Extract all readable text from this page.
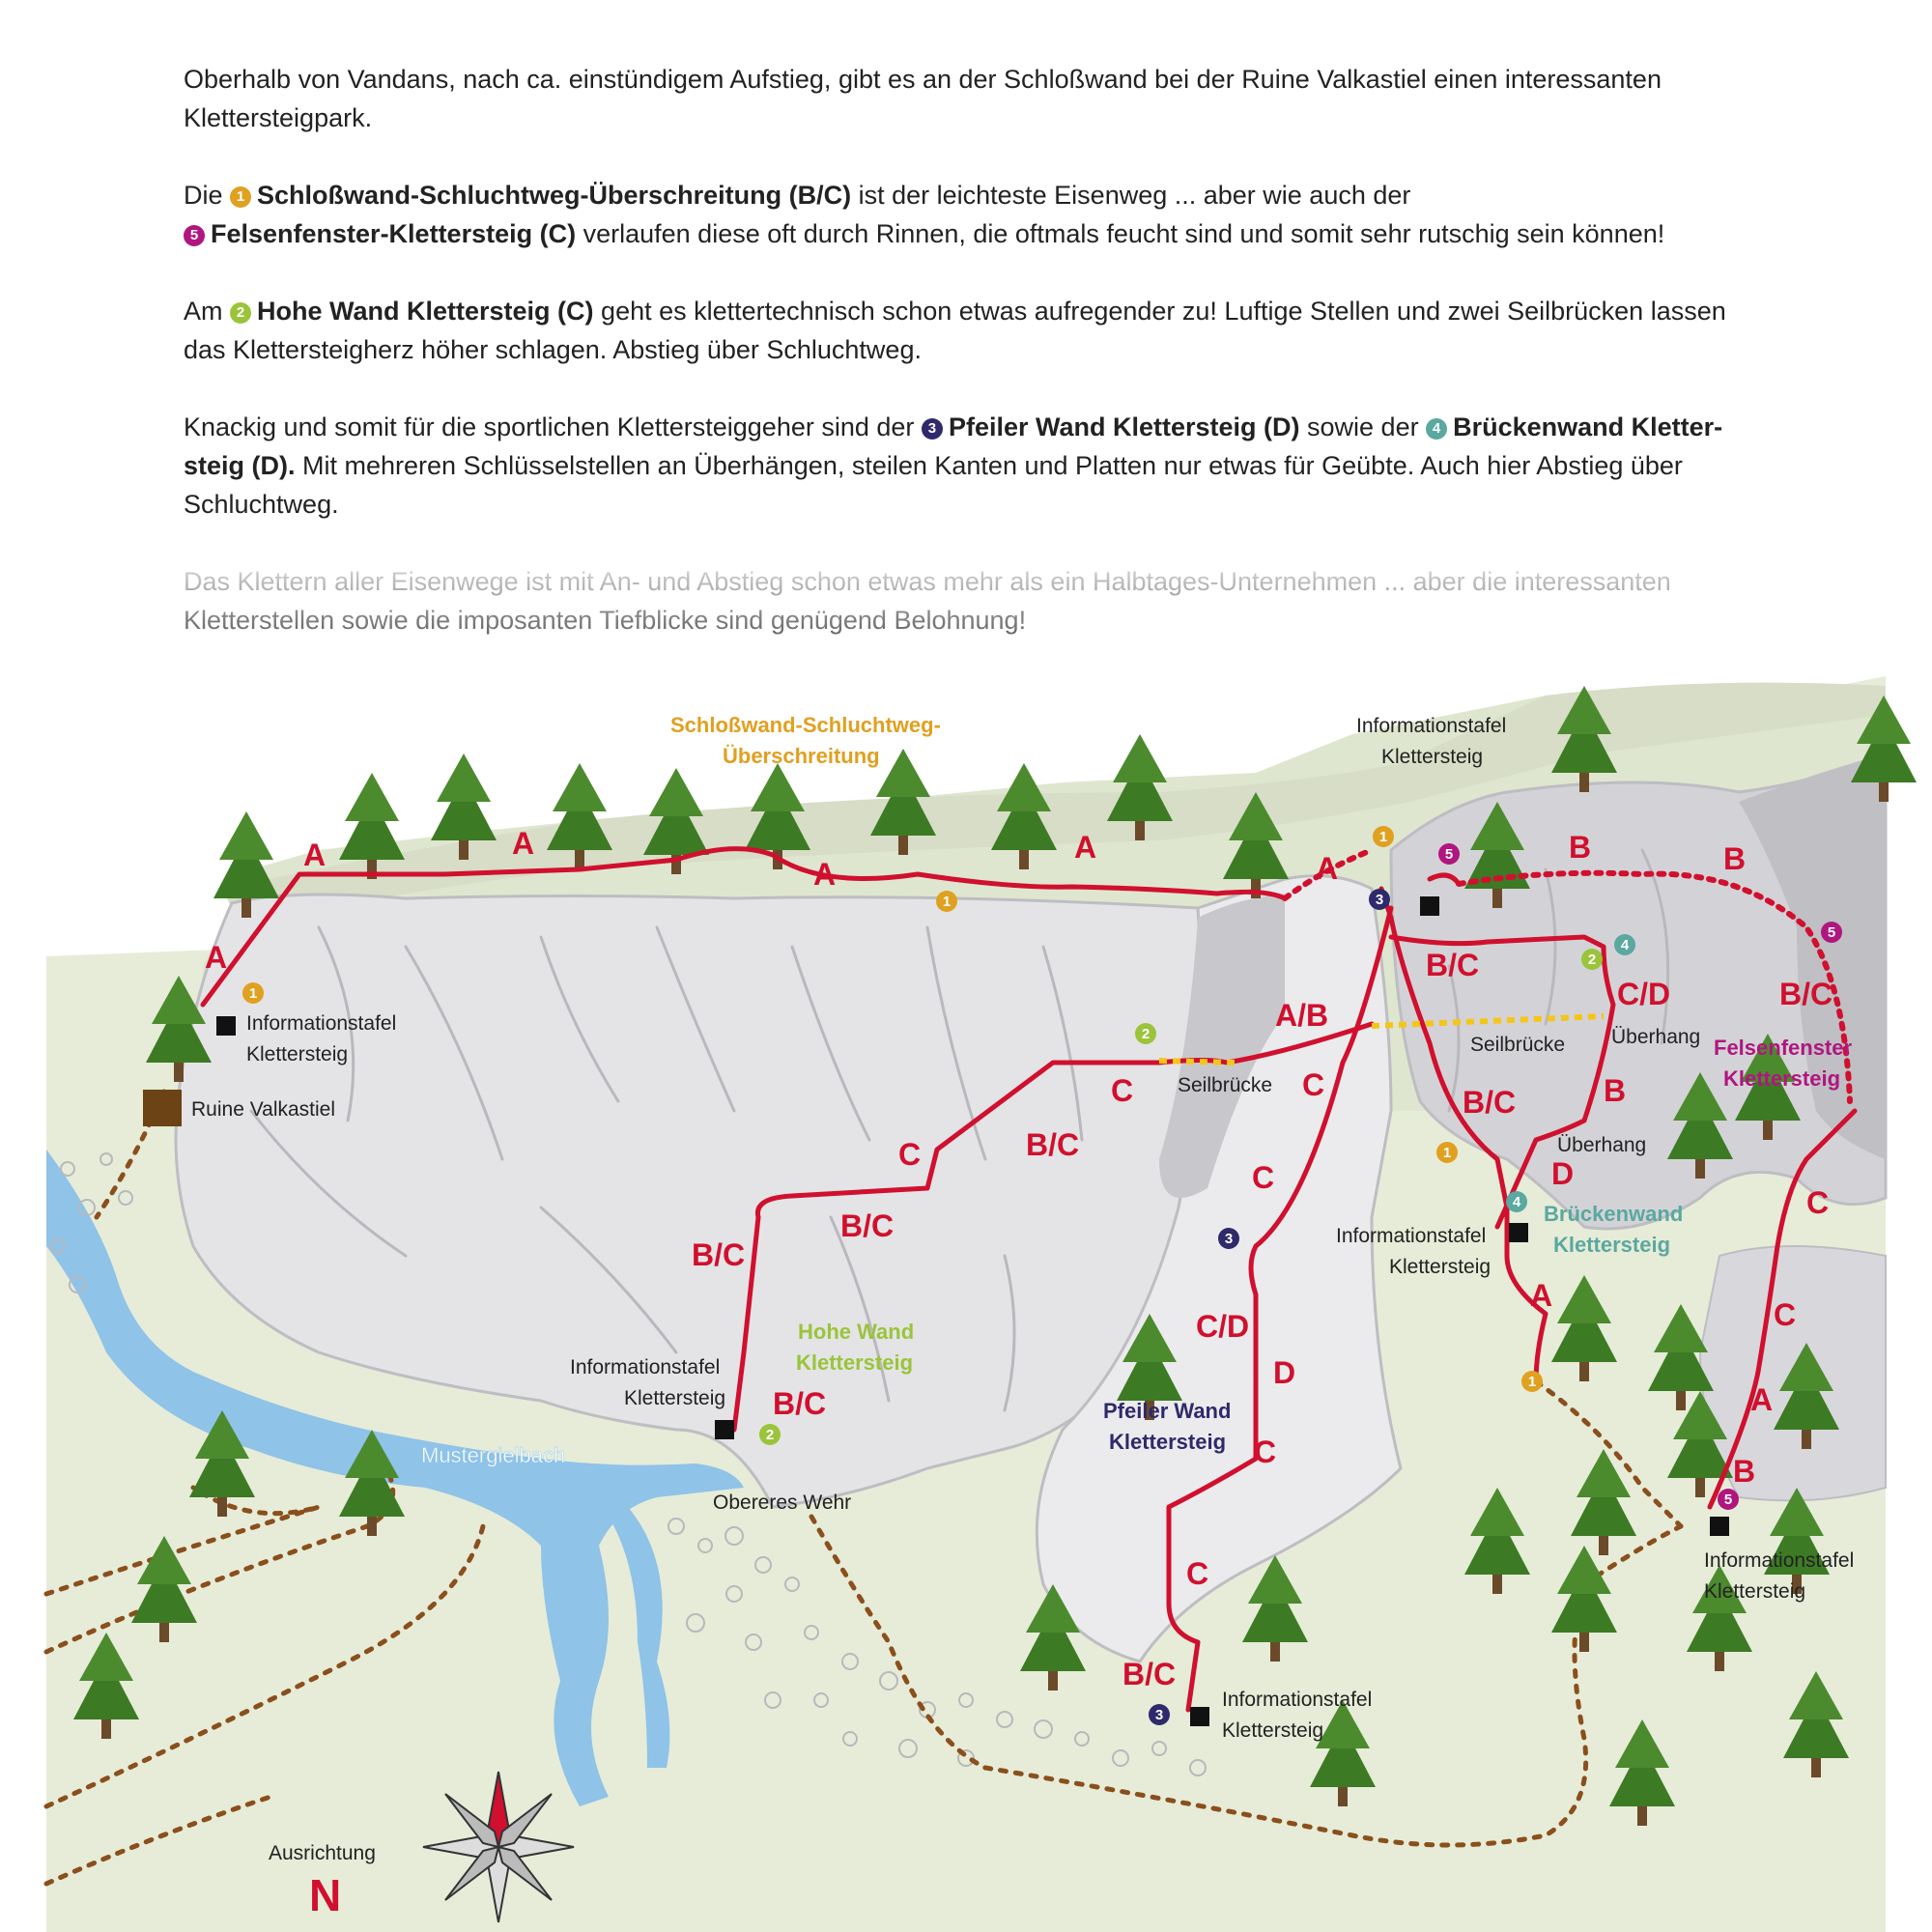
Oberhalb von Vandans, nach ca. einstündigem Aufstieg, gibt es an der Schloßwand bei der Ruine Valkastiel einen interessanten Klettersteigpark.

Die 1 Schloßwand-Schluchtweg-Überschreitung (B/C) ist der leichteste Eisenweg ... aber wie auch der
5 Felsenfenster-Klettersteig (C) verlaufen diese oft durch Rinnen, die oftmals feucht sind und somit sehr rutschig sein können!

Am 2 Hohe Wand Klettersteig (C) geht es klettertechnisch schon etwas aufregender zu! Luftige Stellen und zwei Seilbrücken lassen das Klettersteigherz höher schlagen. Abstieg über Schluchtweg.

Knackig und somit für die sportlichen Klettersteiggeher sind der 3 Pfeiler Wand Klettersteig (D) sowie der 4 Brückenwand Kletter-steig (D). Mit mehreren Schlüsselstellen an Überhängen, steilen Kanten und Platten nur etwas für Geübte. Auch hier Abstieg über Schluchtweg.

Informationstafel
Klettersteig
Ruine Valkastiel
Informationstafel
Klettersteig
Informationstafel
Klettersteig
Informationstafel
Klettersteig
Informationstafel
Klettersteig
Informationstafel
Klettersteig
Seilbrücke
Seilbrücke Überhang
Überhang
Obereres Wehr
Ausrichtung
Mustergielbach
Schloßwand-Schluchtweg-
Überschreitung
Hohe Wand
Klettersteig
Pfeiler Wand
Klettersteig
Brückenwand
Klettersteig
Felsenfenster
Klettersteig
A
A	A
A
A
A
B	B
B/C
C/D	B/C
A/B
C	C	B
B/C
B/C
C
C	D
C
B/C
B/C
A
C
C/D
D
A
B/C
C
B
C
B/C
1
1
1
1
1
2
2
2
3
3
3
4
4
5
5
5
N
